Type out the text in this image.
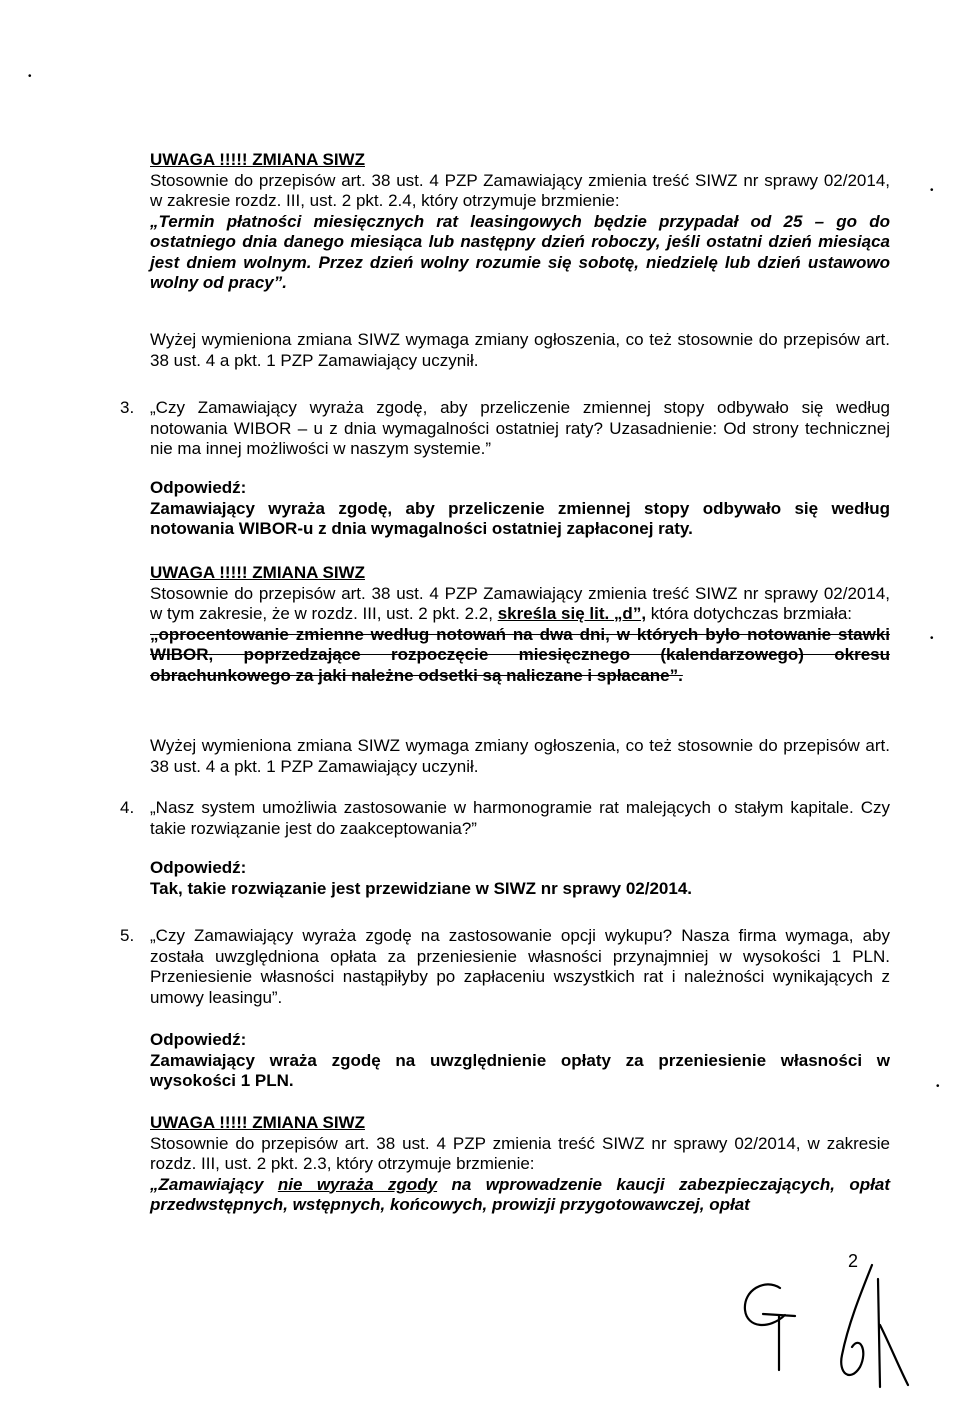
UWAGA !!!!! ZMIANA SIWZ

Stosownie do przepisów art. 38 ust. 4 PZP Zamawiający zmienia treść SIWZ nr sprawy 02/2014, w zakresie rozdz. III, ust. 2 pkt. 2.4, który otrzymuje brzmienie:

„Termin płatności miesięcznych rat leasingowych będzie przypadał od 25 – go do ostatniego dnia danego miesiąca lub następny dzień roboczy, jeśli ostatni dzień miesiąca jest dniem wolnym. Przez dzień wolny rozumie się sobotę, niedzielę lub dzień ustawowo wolny od pracy”.

Wyżej wymieniona zmiana SIWZ wymaga zmiany ogłoszenia, co też stosownie do przepisów art. 38 ust. 4 a pkt. 1 PZP Zamawiający uczynił.

3. „Czy Zamawiający wyraża zgodę, aby przeliczenie zmiennej stopy odbywało się według notowania WIBOR – u z dnia wymagalności ostatniej raty? Uzasadnienie: Od strony technicznej nie ma innej możliwości w naszym systemie.”

Odpowiedź:

Zamawiający wyraża zgodę, aby przeliczenie zmiennej stopy odbywało się według notowania WIBOR-u z dnia wymagalności ostatniej zapłaconej raty.

UWAGA !!!!! ZMIANA SIWZ

Stosownie do przepisów art. 38 ust. 4 PZP Zamawiający zmienia treść SIWZ nr sprawy 02/2014, w tym zakresie, że w rozdz. III, ust. 2 pkt. 2.2, skreśla się lit. „d”, która dotychczas brzmiała:

„oprocentowanie zmienne według notowań na dwa dni, w których było notowanie stawki WIBOR, poprzedzające rozpoczęcie miesięcznego (kalendarzowego) okresu obrachunkowego za jaki należne odsetki są naliczane i spłacane”.

Wyżej wymieniona zmiana SIWZ wymaga zmiany ogłoszenia, co też stosownie do przepisów art. 38 ust. 4 a pkt. 1 PZP Zamawiający uczynił.

4. „Nasz system umożliwia zastosowanie w harmonogramie rat malejących o stałym kapitale. Czy takie rozwiązanie jest do zaakceptowania?”

Odpowiedź:

Tak, takie rozwiązanie jest przewidziane w SIWZ nr sprawy 02/2014.

5. „Czy Zamawiający wyraża zgodę na zastosowanie opcji wykupu? Nasza firma wymaga, aby została uwzględniona opłata za przeniesienie własności przynajmniej w wysokości 1 PLN. Przeniesienie własności nastąpiłyby po zapłaceniu wszystkich rat i należności wynikających z umowy leasingu”.

Odpowiedź:

Zamawiający wraża zgodę na uwzględnienie opłaty za przeniesienie własności w wysokości 1 PLN.

UWAGA !!!!! ZMIANA SIWZ

Stosownie do przepisów art. 38 ust. 4 PZP zmienia treść SIWZ nr sprawy 02/2014, w zakresie rozdz. III, ust. 2 pkt. 2.3, który otrzymuje brzmienie:

„Zamawiający nie wyraża zgody na wprowadzenie kaucji zabezpieczających, opłat przedwstępnych, wstępnych, końcowych, prowizji przygotowawczej, opłat

2
•
•
•
•
